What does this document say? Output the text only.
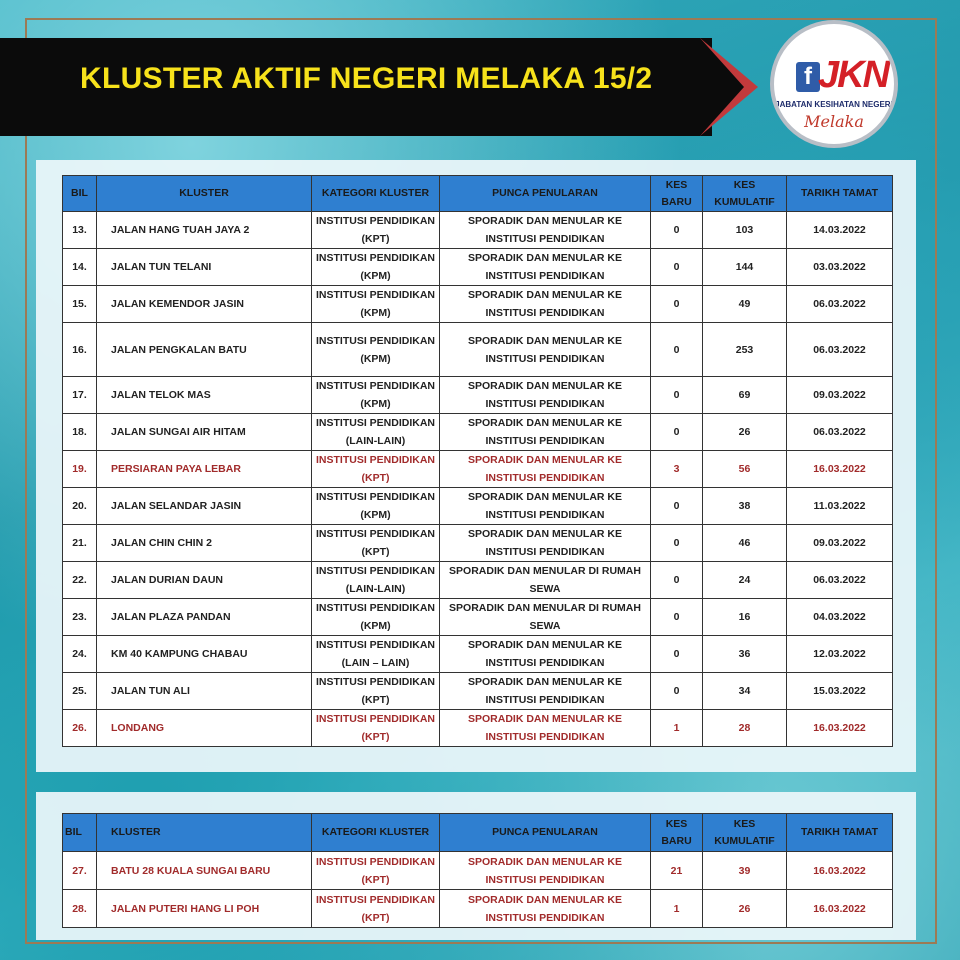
KLUSTER AKTIF NEGERI MELAKA 15/2	f JKN
JABATAN KESIHATAN NEGERI
Melaka
BIL	KLUSTER	KATEGORI KLUSTER	PUNCA PENULARAN	KES BARU	KES KUMULATIF	TARIKH TAMAT
13.	JALAN HANG TUAH JAYA 2	INSTITUSI PENDIDIKAN (KPT)	SPORADIK DAN MENULAR KE INSTITUSI PENDIDIKAN	0	103	14.03.2022
14.	JALAN TUN TELANI	INSTITUSI PENDIDIKAN (KPM)	SPORADIK DAN MENULAR KE INSTITUSI PENDIDIKAN	0	144	03.03.2022
15.	JALAN KEMENDOR JASIN	INSTITUSI PENDIDIKAN (KPM)	SPORADIK DAN MENULAR KE INSTITUSI PENDIDIKAN	0	49	06.03.2022
16.	JALAN PENGKALAN BATU	INSTITUSI PENDIDIKAN (KPM)	SPORADIK DAN MENULAR KE INSTITUSI PENDIDIKAN	0	253	06.03.2022
17.	JALAN TELOK MAS	INSTITUSI PENDIDIKAN (KPM)	SPORADIK DAN MENULAR KE INSTITUSI PENDIDIKAN	0	69	09.03.2022
18.	JALAN SUNGAI AIR HITAM	INSTITUSI PENDIDIKAN (LAIN-LAIN)	SPORADIK DAN MENULAR KE INSTITUSI PENDIDIKAN	0	26	06.03.2022
19.	PERSIARAN PAYA LEBAR	INSTITUSI PENDIDIKAN (KPT)	SPORADIK DAN MENULAR KE INSTITUSI PENDIDIKAN	3	56	16.03.2022
20.	JALAN SELANDAR JASIN	INSTITUSI PENDIDIKAN (KPM)	SPORADIK DAN MENULAR KE INSTITUSI PENDIDIKAN	0	38	11.03.2022
21.	JALAN CHIN CHIN 2	INSTITUSI PENDIDIKAN (KPT)	SPORADIK DAN MENULAR KE INSTITUSI PENDIDIKAN	0	46	09.03.2022
22.	JALAN DURIAN DAUN	INSTITUSI PENDIDIKAN (LAIN-LAIN)	SPORADIK DAN MENULAR DI RUMAH SEWA	0	24	06.03.2022
23.	JALAN PLAZA PANDAN	INSTITUSI PENDIDIKAN (KPM)	SPORADIK DAN MENULAR DI RUMAH SEWA	0	16	04.03.2022
24.	KM 40 KAMPUNG CHABAU	INSTITUSI PENDIDIKAN (LAIN – LAIN)	SPORADIK DAN MENULAR KE INSTITUSI PENDIDIKAN	0	36	12.03.2022
25.	JALAN TUN ALI	INSTITUSI PENDIDIKAN (KPT)	SPORADIK DAN MENULAR KE INSTITUSI PENDIDIKAN	0	34	15.03.2022
26.	LONDANG	INSTITUSI PENDIDIKAN (KPT)	SPORADIK DAN MENULAR KE INSTITUSI PENDIDIKAN	1	28	16.03.2022
BIL	KLUSTER	KATEGORI KLUSTER	PUNCA PENULARAN	KES BARU	KES KUMULATIF	TARIKH TAMAT
27.	BATU 28 KUALA SUNGAI BARU	INSTITUSI PENDIDIKAN (KPT)	SPORADIK DAN MENULAR KE INSTITUSI PENDIDIKAN	21	39	16.03.2022
28.	JALAN PUTERI HANG LI POH	INSTITUSI PENDIDIKAN (KPT)	SPORADIK DAN MENULAR KE INSTITUSI PENDIDIKAN	1	26	16.03.2022
